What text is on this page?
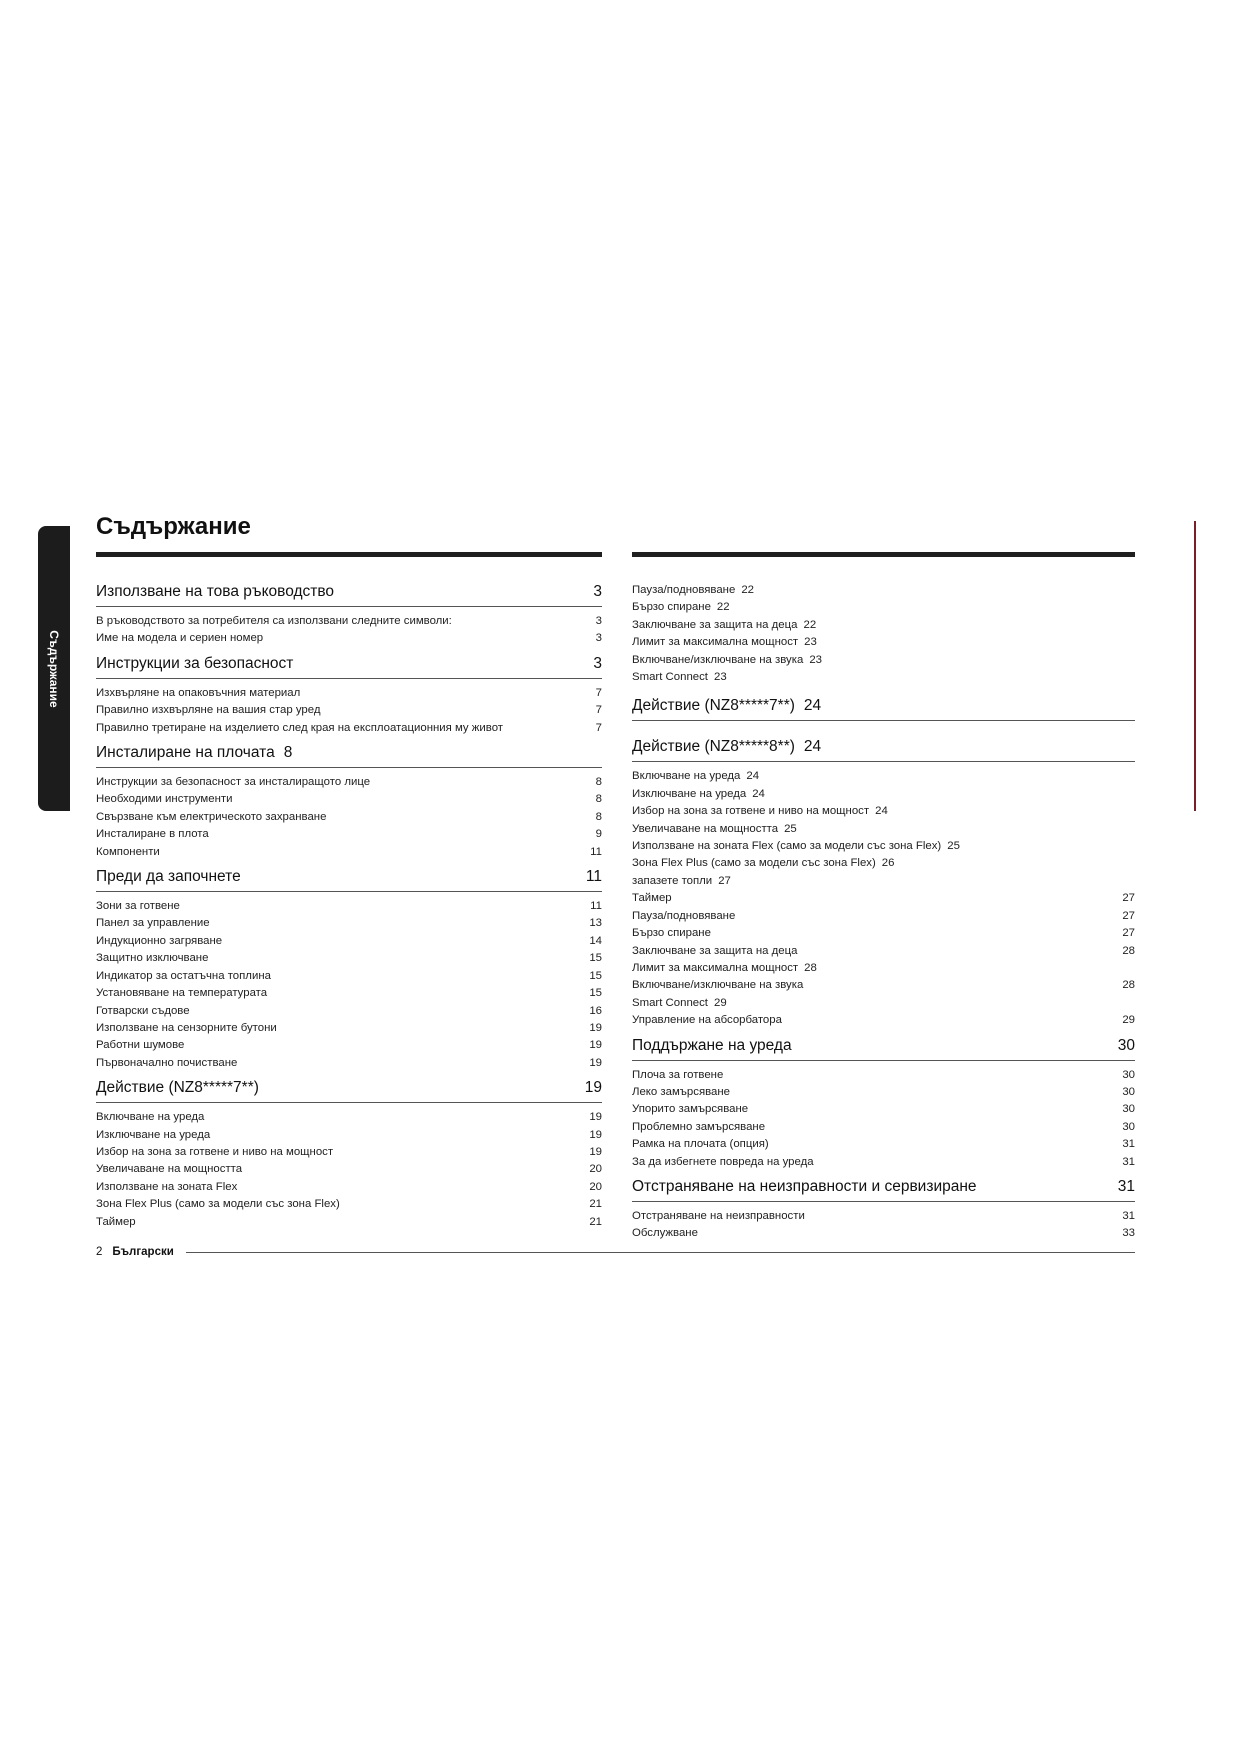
Съдържание
Съдържание
Използване на това ръководство	3
В ръководството за потребителя са използвани следните символи:	3
Име на модела и сериен номер	3
Инструкции за безопасност	3
Изхвърляне на опаковъчния материал	7
Правилно изхвърляне на вашия стар уред	7
Правилно третиране на изделието след края на експлоатационния му живот	7
Инсталиране на плочата 8
Инструкции за безопасност за инсталиращото лице	8
Необходими инструменти	8
Свързване към електрическото захранване	8
Инсталиране в плота	9
Компоненти	11
Преди да започнете	11
Зони за готвене	11
Панел за управление	13
Индукционно загряване	14
Защитно изключване	15
Индикатор за остатъчна топлина	15
Установяване на температурата	15
Готварски съдове	16
Използване на сензорните бутони	19
Работни шумове	19
Първоначално почистване	19
Действие (NZ8*****7**)	19
Включване на уреда	19
Изключване на уреда	19
Избор на зона за готвене и ниво на мощност	19
Увеличаване на мощността	20
Използване на зоната Flex	20
Зона Flex Plus (само за модели със зона Flex)	21
Таймер	21
Пауза/подновяване 22
Бързо спиране 22
Заключване за защита на деца 22
Лимит за максимална мощност 23
Включване/изключване на звука 23
Smart Connect 23
Действие (NZ8*****7**) 24
Действие (NZ8*****8**) 24
Включване на уреда 24
Изключване на уреда 24
Избор на зона за готвене и ниво на мощност 24
Увеличаване на мощността 25
Използване на зоната Flex (само за модели със зона Flex) 25
Зона Flex Plus (само за модели със зона Flex) 26
запазете топли 27
Таймер	27
Пауза/подновяване	27
Бързо спиране	27
Заключване за защита на деца	28
Лимит за максимална мощност 28
Включване/изключване на звука	28
Smart Connect 29
Управление на абсорбатора	29
Поддържане на уреда	30
Плоча за готвене	30
Леко замърсяване	30
Упорито замърсяване	30
Проблемно замърсяване	30
Рамка на плочата (опция)	31
За да избегнете повреда на уреда	31
Отстраняване на неизправности и сервизиране	31
Отстраняване на неизправности	31
Обслужване	33
2 Български
